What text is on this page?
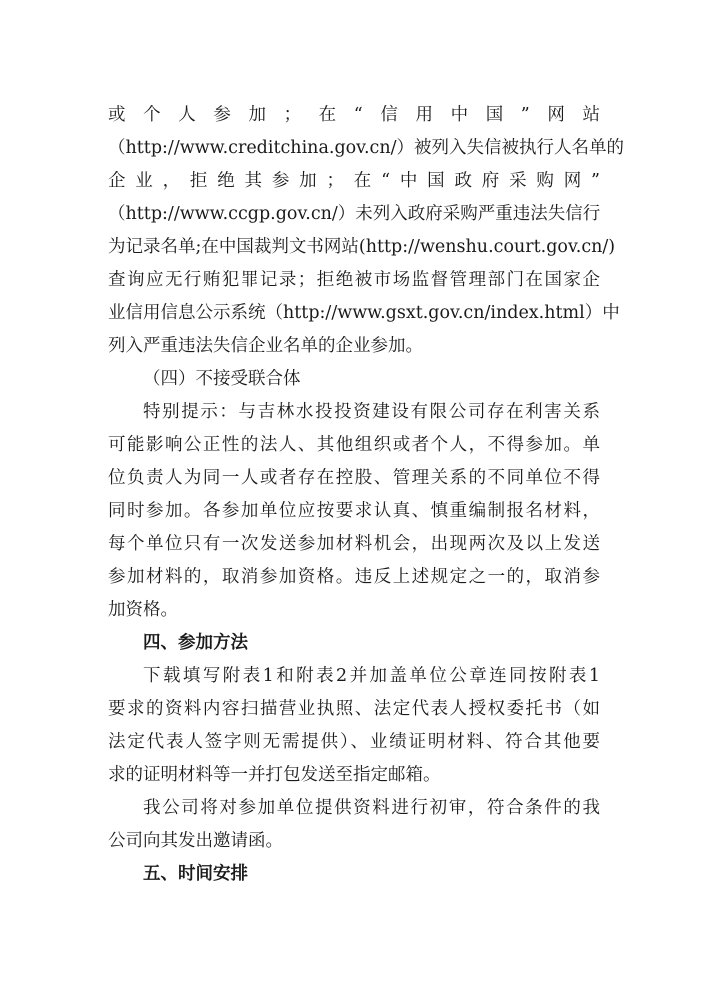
或个人参加；在“信用中国”网站
（http://www.creditchina.gov.cn/）被列入失信被执行人名单的
企业，拒绝其参加；在“中国政府采购网”
（http://www.ccgp.gov.cn/）未列入政府采购严重违法失信行
为记录名单;在中国裁判文书网站(http://wenshu.court.gov.cn/)
查询应无行贿犯罪记录；拒绝被市场监督管理部门在国家企
业信用信息公示系统（http://www.gsxt.gov.cn/index.html）中
列入严重违法失信企业名单的企业参加。
（四）不接受联合体
特别提示：与吉林水投投资建设有限公司存在利害关系
可能影响公正性的法人、其他组织或者个人，不得参加。单
位负责人为同一人或者存在控股、管理关系的不同单位不得
同时参加。各参加单位应按要求认真、慎重编制报名材料，
每个单位只有一次发送参加材料机会，出现两次及以上发送
参加材料的，取消参加资格。违反上述规定之一的，取消参
加资格。
四、参加方法
下载填写附表1和附表2并加盖单位公章连同按附表1
要求的资料内容扫描营业执照、法定代表人授权委托书（如
法定代表人签字则无需提供）、业绩证明材料、符合其他要
求的证明材料等一并打包发送至指定邮箱。
我公司将对参加单位提供资料进行初审，符合条件的我
公司向其发出邀请函。
五、时间安排
